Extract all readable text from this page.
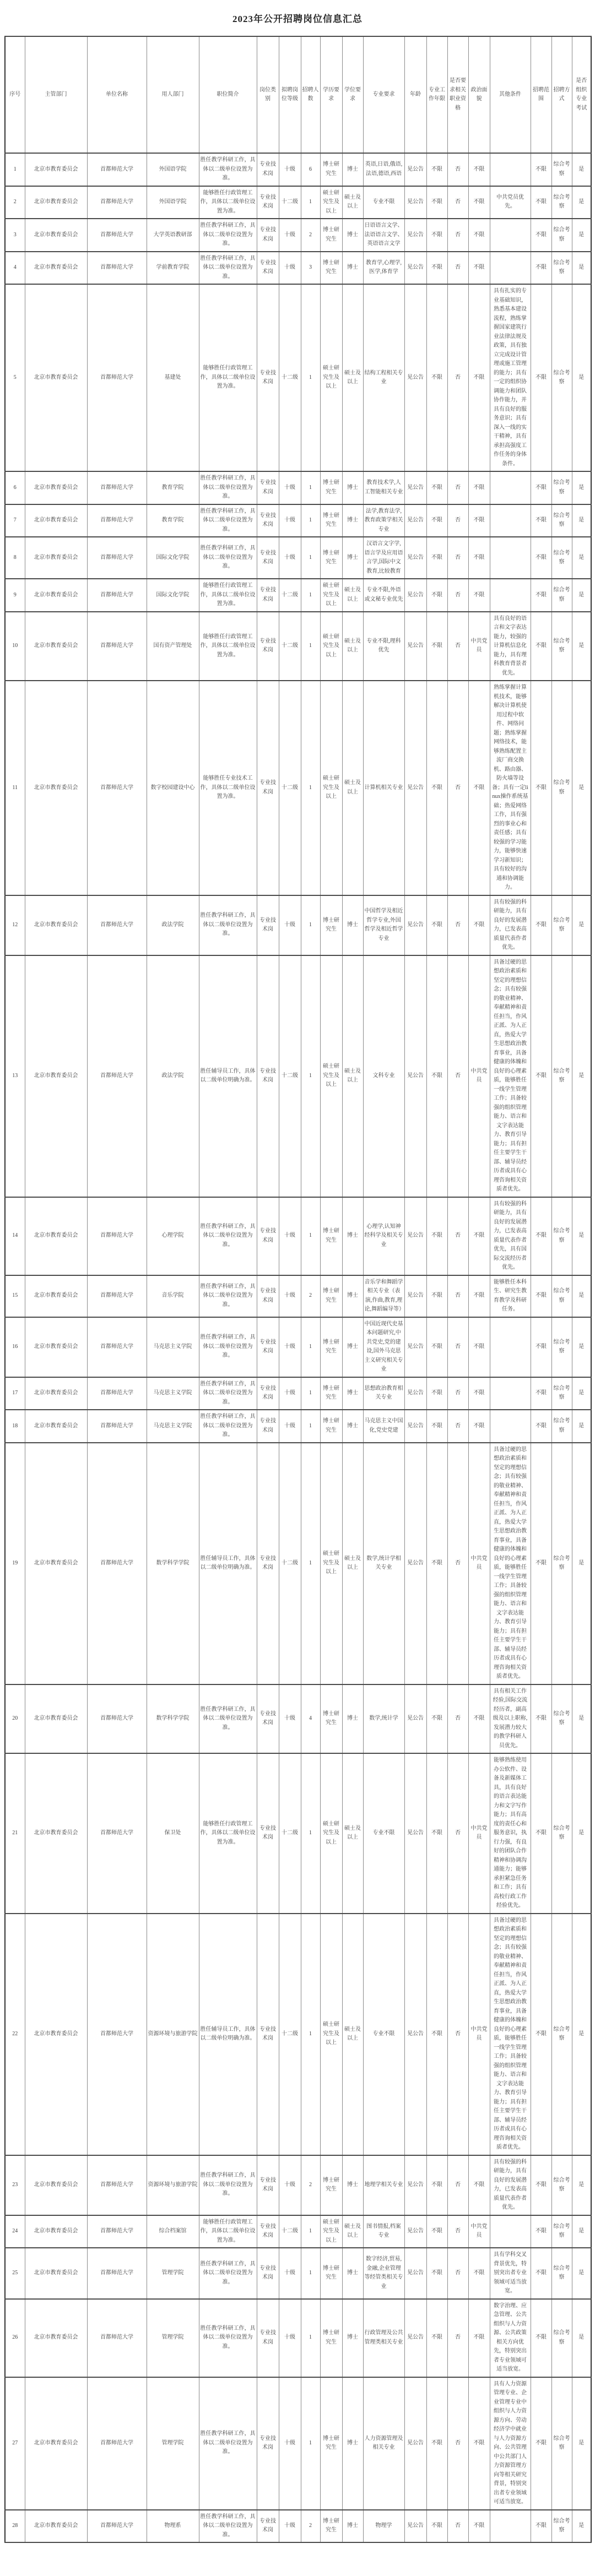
2023年公开招聘岗位信息汇总
序号	主管部门	单位名称	用人部门	职位简介	岗位类别	拟聘岗位等级	招聘人数	学历要求	学位要求	专业要求	年龄	专业工作年限	是否要求相关职业资格	政治面貌	其他条件	招聘范围	招聘方式	是否组织专业考试
1	北京市教育委员会	首都师范大学	外国语学院	胜任教学科研工作，具体以二级单位设置为准。	专业技术岗	十级	6	博士研究生	博士	英语,日语,俄语,法语,德语,西语	见公告	不限	否	不限		不限	综合考察	是
2	北京市教育委员会	首都师范大学	外国语学院	能够胜任行政管理工作，具体以二级单位设置为准。	专业技术岗	十二级	1	硕士研究生及以上	硕士及以上	专业不限	见公告	不限	否	不限	中共党员优先。	不限	综合考察	是
3	北京市教育委员会	首都师范大学	大学英语教研部	胜任教学科研工作，具体以二级单位设置为准。	专业技术岗	十级	2	博士研究生	博士	日语语言文学、法语语言文学、英语语言文学	见公告	不限	否	不限		不限	综合考察	是
4	北京市教育委员会	首都师范大学	学前教育学院	胜任教学科研工作，具体以二级单位设置为准。	专业技术岗	十级	3	博士研究生	博士	教育学,心理学,医学,体育学	见公告	不限	否	不限		不限	综合考察	是
5	北京市教育委员会	首都师范大学	基建处	能够胜任行政管理工作，具体以二级单位设置为准。	专业技术岗	十二级	1	硕士研究生及以上	硕士及以上	结构工程相关专业	见公告	不限	否	不限	具有扎实的专业基础知识，熟悉基本建设流程，熟练掌握国家建筑行业法律法规及政策，具有独立完成设计管理或施工管理的能力；具有一定的组织协调能力和团队协作能力，并具有良好的服务意识；具有深入一线的实干精神，具有承担高强度工作任务的身体条件。	不限	综合考察	是
6	北京市教育委员会	首都师范大学	教育学院	胜任教学科研工作，具体以二级单位设置为准。	专业技术岗	十级	1	博士研究生	博士	教育技术学,人工智能相关专业	见公告	不限	否	不限		不限	综合考察	是
7	北京市教育委员会	首都师范大学	教育学院	胜任教学科研工作，具体以二级单位设置为准。	专业技术岗	十级	1	博士研究生	博士	法学,教育法学,教育政策学相关专业	见公告	不限	否	不限		不限	综合考察	是
8	北京市教育委员会	首都师范大学	国际文化学院	胜任教学科研工作，具体以二级单位设置为准。	专业技术岗	十级	1	博士研究生	博士	汉语言文字学,语言学及应用语言学,国际中文教育,比较教育	见公告	不限	否	不限		不限	综合考察	是
9	北京市教育委员会	首都师范大学	国际文化学院	能够胜任行政管理工作，具体以二级单位设置为准。	专业技术岗	十二级	1	硕士研究生及以上	硕士及以上	专业不限,外语或文秘专业优先	见公告	不限	否	不限		不限	综合考察	是
10	北京市教育委员会	首都师范大学	国有资产管理处	能够胜任行政管理工作，具体以二级单位设置为准。	专业技术岗	十二级	1	硕士研究生及以上	硕士及以上	专业不限,理科优先	见公告	不限	否	中共党员	具有良好的语言和文字表达能力，较强的计算机信息化能力，具有理科教育背景者优先。	不限	综合考察	是
11	北京市教育委员会	首都师范大学	数字校园建设中心	能够胜任专业技术工作，具体以二级单位设置为准。	专业技术岗	十二级	1	硕士研究生及以上	硕士及以上	计算机相关专业	见公告	不限	否	不限	熟练掌握计算机技术，能够解决计算机使用过程中软件、网络问题；熟练掌握网络技术，能够熟练配置主流厂商交换机、路由器、防火墙等设备；具有一定linux操作系统基础；热爱网络工作，具有强烈的事业心和责任感；具有较强的学习能力，能够快速学习新知识；具有较好的沟通和协调能力。	不限	综合考察	是
12	北京市教育委员会	首都师范大学	政法学院	胜任教学科研工作，具体以二级单位设置为准。	专业技术岗	十级	1	博士研究生	博士	中国哲学及相近哲学专业,外国哲学及相近哲学专业	见公告	不限	否	不限	具有较强的科研能力，具有良好的发展潜力，已发表高质量代表作者优先。	不限	综合考察	是
13	北京市教育委员会	首都师范大学	政法学院	胜任辅导员工作，具体以二级单位明确为准。	专业技术岗	十二级	1	硕士研究生及以上	硕士及以上	文科专业	见公告	不限	否	中共党员	具备过硬的思想政治素质和坚定的理想信念；具有较强的敬业精神、奉献精神和责任担当，作风正派、为人正直，热爱大学生思想政治教育事业，具备健康的体魄和良好的心理素质，能够胜任一线学生管理工作；具备较强的组织管理能力、语言和文字表达能力、教育引导能力；具有担任主要学生干部、辅导员经历者或具有心理咨询相关资质者优先。	不限	综合考察	是
14	北京市教育委员会	首都师范大学	心理学院	胜任教学科研工作，具体以二级单位设置为准。	专业技术岗	十级	1	博士研究生	博士	心理学,认知神经科学及相关专业	见公告	不限	否	不限	具有较强的科研能力，具有良好的发展潜力，已发表高质量代表作者优先，具有国际交流经历者优先。	不限	综合考察	是
15	北京市教育委员会	首都师范大学	音乐学院	胜任教学科研工作，具体以二级单位设置为准。	专业技术岗	十级	2	博士研究生	博士	音乐学和舞蹈学相关专业（表演,作曲,教育,理论,舞蹈编导等）	见公告	不限	否	不限	能够胜任本科生、研究生教育教学及科研任务。	不限	综合考察	是
16	北京市教育委员会	首都师范大学	马克思主义学院	胜任教学科研工作，具体以二级单位设置为准。	专业技术岗	十级	1	博士研究生	博士	中国近现代史基本问题研究,中共党史,党的建设,国外马克思主义研究相关专业	见公告	不限	否	不限		不限	综合考察	是
17	北京市教育委员会	首都师范大学	马克思主义学院	胜任教学科研工作，具体以二级单位设置为准。	专业技术岗	十级	1	博士研究生	博士	思想政治教育相关专业	见公告	不限	否	不限		不限	综合考察	是
18	北京市教育委员会	首都师范大学	马克思主义学院	胜任教学科研工作，具体以二级单位设置为准。	专业技术岗	十级	1	博士研究生	博士	马克思主义中国化,党史党建	见公告	不限	否	不限		不限	综合考察	是
19	北京市教育委员会	首都师范大学	数学科学学院	胜任辅导员工作，具体以二级单位明确为准。	专业技术岗	十二级	1	硕士研究生及以上	硕士及以上	数学,统计学相关专业	见公告	不限	否	中共党员	具备过硬的思想政治素质和坚定的理想信念；具有较强的敬业精神、奉献精神和责任担当，作风正派、为人正直，热爱大学生思想政治教育事业，具备健康的体魄和良好的心理素质，能够胜任一线学生管理工作；具备较强的组织管理能力、语言和文字表达能力、教育引导能力；具有担任主要学生干部、辅导员经历者或具有心理咨询相关资质者优先。	不限	综合考察	是
20	北京市教育委员会	首都师范大学	数学科学学院	胜任教学科研工作，具体以二级单位设置为准。	专业技术岗	十级	4	博士研究生	博士	数学,统计学	见公告	不限	否	不限	具有相关工作经验,国际交流经历者，副高级及以上职称,发展潜力较大的教学科研人员优先。	不限	综合考察	是
21	北京市教育委员会	首都师范大学	保卫处	能够胜任行政管理工作，具体以二级单位设置为准。	专业技术岗	十二级	1	硕士研究生及以上	硕士及以上	专业不限	见公告	不限	否	中共党员	能够熟练使用办公软件、设备及新媒体工具，具有良好的语言表达能力和文字写作能力；具有高度的责任心和服务意识，执行力强，有良好的团队合作精神和协调沟通能力；能够承担紧急任务和工作；具有高校行政工作经验优先。	不限	综合考察	是
22	北京市教育委员会	首都师范大学	资源环境与旅游学院	胜任辅导员工作，具体以二级单位明确为准。	专业技术岗	十二级	1	硕士研究生及以上	硕士及以上	专业不限	见公告	不限	否	中共党员	具备过硬的思想政治素质和坚定的理想信念；具有较强的敬业精神、奉献精神和责任担当，作风正派、为人正直，热爱大学生思想政治教育事业，具备健康的体魄和良好的心理素质，能够胜任一线学生管理工作；具备较强的组织管理能力、语言和文字表达能力、教育引导能力；具有担任主要学生干部、辅导员经历者或具有心理咨询相关资质者优先。	不限	综合考察	是
23	北京市教育委员会	首都师范大学	资源环境与旅游学院	胜任教学科研工作，具体以二级单位设置为准。	专业技术岗	十级	2	博士研究生	博士	地理学相关专业	见公告	不限	否	不限	具有较强的科研能力，具有良好的发展潜力，已发表高质量代表作者优先。	不限	综合考察	是
24	北京市教育委员会	首都师范大学	综合档案馆	能够胜任行政管理工作，具体以二级单位设置为准。	专业技术岗	十二级	1	硕士研究生及以上	硕士及以上	图书情报,档案专业	见公告	不限	否	中共党员		不限	综合考察	是
25	北京市教育委员会	首都师范大学	管理学院	胜任教学科研工作，具体以二级单位设置为准。	专业技术岗	十级	1	博士研究生	博士	数字经济,贸易,金融,企业管理等经管类相关专业	见公告	不限	否	不限	具有学科交叉背景优先，特别突出者专业领域可适当放宽。	不限	综合考察	是
26	北京市教育委员会	首都师范大学	管理学院	胜任教学科研工作，具体以二级单位设置为准。	专业技术岗	十级	1	博士研究生	博士	行政管理及公共管理类相关专业	见公告	不限	否	不限	数字治理、应急管理、公共组织与人力资源、公共政策相关方向优先，特别突出者专业领域可适当放宽。	不限	综合考察	是
27	北京市教育委员会	首都师范大学	管理学院	胜任教学科研工作，具体以二级单位设置为准。	专业技术岗	十级	1	博士研究生	博士	人力资源管理及相关专业	见公告	不限	否	不限	具有人力资源管理专业、企业管理专业中组织与人力资源方向、劳动经济学中就业与人力资源方向、公共管理中公共部门人力资源管理方向等相关研究背景，特别突出者专业领域可适当放宽。	不限	综合考察	是
28	北京市教育委员会	首都师范大学	物理系	胜任教学科研工作，具体以二级单位设置为准。	专业技术岗	十级	2	博士研究生	博士	物理学	见公告	不限	否	不限		不限	综合考察	是
